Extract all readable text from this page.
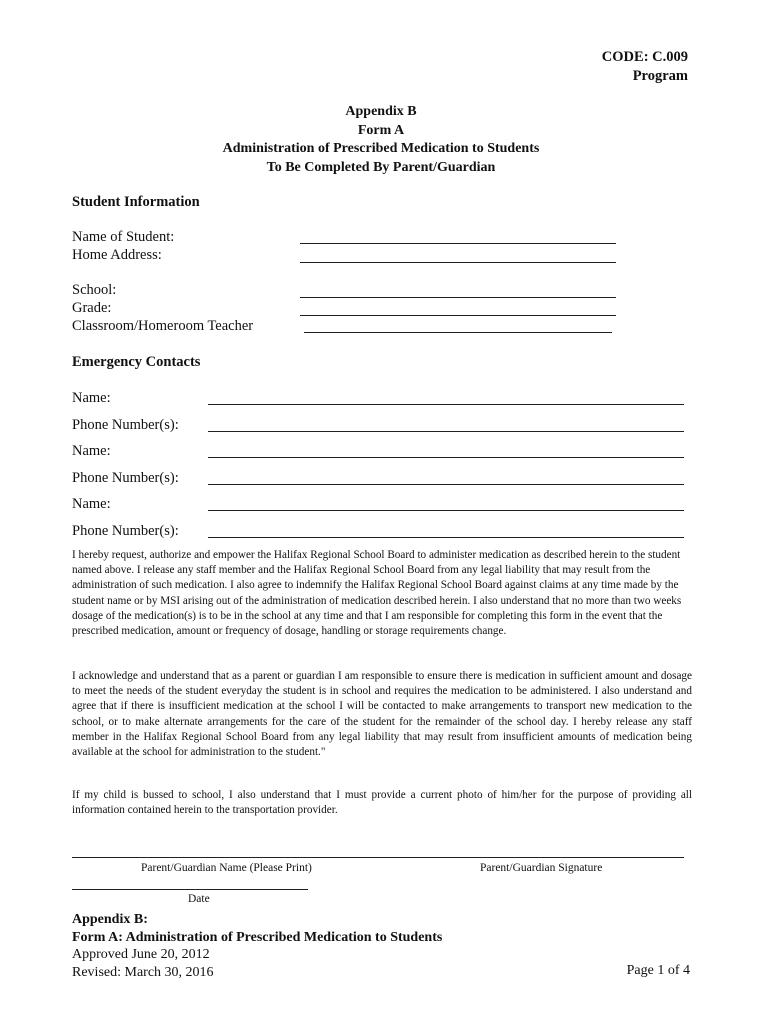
CODE: C.009
Program
Appendix B
Form A
Administration of Prescribed Medication to Students
To Be Completed By Parent/Guardian
Student Information
Name of Student:
Home Address:
School:
Grade:
Classroom/Homeroom Teacher
Emergency Contacts
Name:
Phone Number(s):
Name:
Phone Number(s):
Name:
Phone Number(s):
I hereby request, authorize and empower the Halifax Regional School Board to administer medication as described herein to the student named above. I release any staff member and the Halifax Regional School Board from any legal liability that may result from the administration of such medication. I also agree to indemnify the Halifax Regional School Board against claims at any time made by the student name or by MSI arising out of the administration of medication described herein. I also understand that no more than two weeks dosage of the medication(s) is to be in the school at any time and that I am responsible for completing this form in the event that the prescribed medication, amount or frequency of dosage, handling or storage requirements change.
I acknowledge and understand that as a parent or guardian I am responsible to ensure there is medication in sufficient amount and dosage to meet the needs of the student everyday the student is in school and requires the medication to be administered. I also understand and agree that if there is insufficient medication at the school I will be contacted to make arrangements to transport new medication to the school, or to make alternate arrangements for the care of the student for the remainder of the school day. I hereby release any staff member in the Halifax Regional School Board from any legal liability that may result from insufficient amounts of medication being available at the school for administration to the student."
If my child is bussed to school, I also understand that I must provide a current photo of him/her for the purpose of providing all information contained herein to the transportation provider.
Parent/Guardian Name (Please Print)	Parent/Guardian Signature
Date
Appendix B:
Form A: Administration of Prescribed Medication to Students
Approved June 20, 2012
Revised: March 30, 2016	Page 1 of 4
